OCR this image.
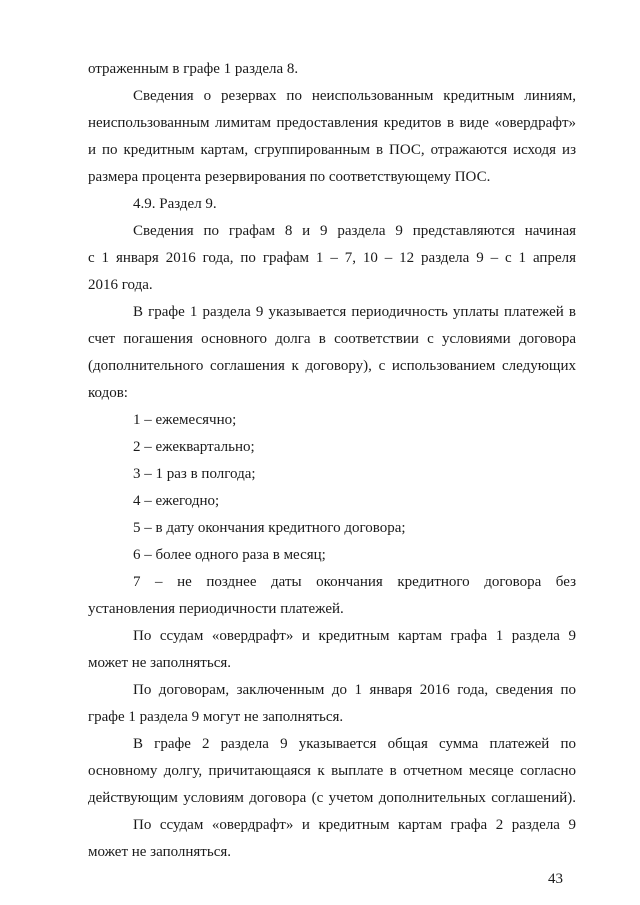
отраженным в графе 1 раздела 8.
Сведения о резервах по неиспользованным кредитным линиям,
неиспользованным лимитам предоставления кредитов в виде «овердрафт»
и по кредитным картам, сгруппированным в ПОС, отражаются исходя из
размера процента резервирования по соответствующему ПОС.
4.9. Раздел 9.
Сведения по графам 8 и 9 раздела 9 представляются начиная
с 1 января 2016 года, по графам 1 – 7, 10 – 12 раздела 9 – с 1 апреля
2016 года.
В графе 1 раздела 9 указывается периодичность уплаты платежей в
счет погашения основного долга в соответствии с условиями договора
(дополнительного соглашения к договору), с использованием следующих
кодов:
1 – ежемесячно;
2 – ежеквартально;
3 – 1 раз в полгода;
4 – ежегодно;
5 – в дату окончания кредитного договора;
6 – более одного раза в месяц;
7 – не позднее даты окончания кредитного договора без
установления периодичности платежей.
По ссудам «овердрафт» и кредитным картам графа 1 раздела 9
может не заполняться.
По договорам, заключенным до 1 января 2016 года, сведения по
графе 1 раздела 9 могут не заполняться.
В графе 2 раздела 9 указывается общая сумма платежей по
основному долгу, причитающаяся к выплате в отчетном месяце согласно
действующим условиям договора (с учетом дополнительных соглашений).
По ссудам «овердрафт» и кредитным картам графа 2 раздела 9
может не заполняться.
43
